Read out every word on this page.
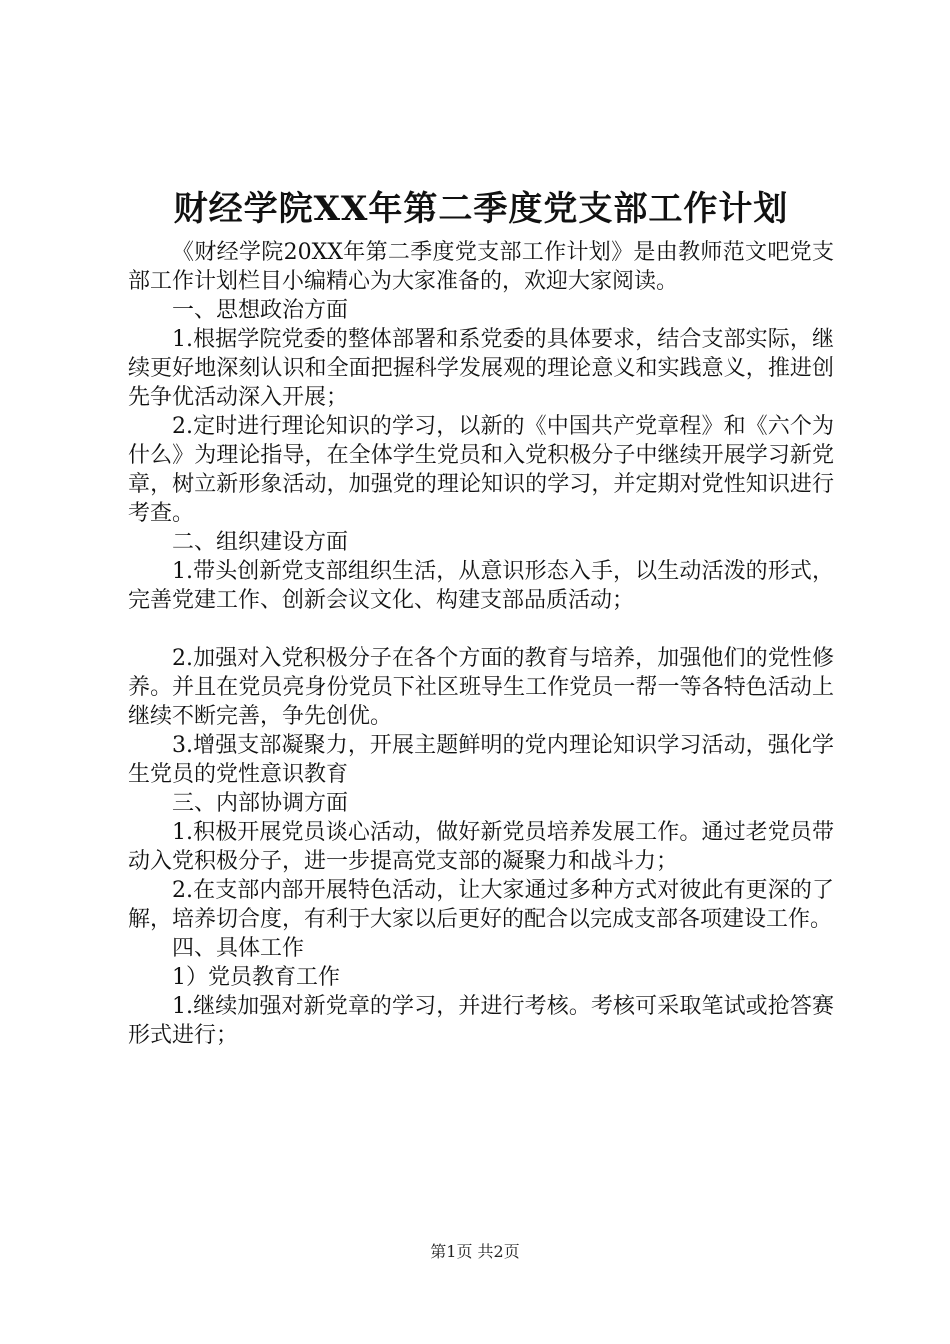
财经学院XX年第二季度党支部工作计划

《财经学院20XX年第二季度党支部工作计划》是由教师范文吧党支部工作计划栏目小编精心为大家准备的，欢迎大家阅读。

一、思想政治方面

1.根据学院党委的整体部署和系党委的具体要求，结合支部实际，继续更好地深刻认识和全面把握科学发展观的理论意义和实践意义，推进创先争优活动深入开展；

2.定时进行理论知识的学习，以新的《中国共产党章程》和《六个为什么》为理论指导，在全体学生党员和入党积极分子中继续开展学习新党章，树立新形象活动，加强党的理论知识的学习，并定期对党性知识进行考查。

二、组织建设方面

1.带头创新党支部组织生活，从意识形态入手，以生动活泼的形式，完善党建工作、创新会议文化、构建支部品质活动；

2.加强对入党积极分子在各个方面的教育与培养，加强他们的党性修养。并且在党员亮身份党员下社区班导生工作党员一帮一等各特色活动上继续不断完善，争先创优。

3.增强支部凝聚力，开展主题鲜明的党内理论知识学习活动，强化学生党员的党性意识教育

三、内部协调方面

1.积极开展党员谈心活动，做好新党员培养发展工作。通过老党员带动入党积极分子，进一步提高党支部的凝聚力和战斗力；

2.在支部内部开展特色活动，让大家通过多种方式对彼此有更深的了解，培养切合度，有利于大家以后更好的配合以完成支部各项建设工作。

四、具体工作

1）党员教育工作

1.继续加强对新党章的学习，并进行考核。考核可采取笔试或抢答赛形式进行；

第1页 共2页
